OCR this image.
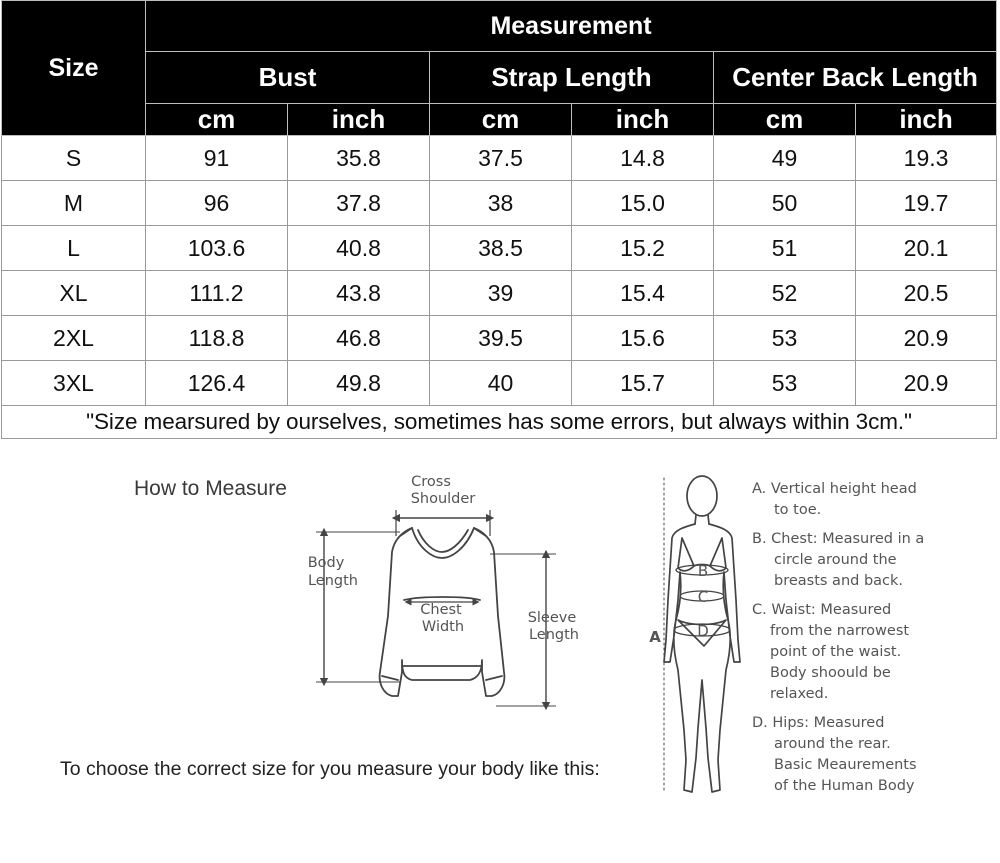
Size	Measurement					
	Bust		Strap Length		Center Back Length	
	cm	inch	cm	inch	cm	inch
S	91	35.8	37.5	14.8	49	19.3
M	96	37.8	38	15.0	50	19.7
L	103.6	40.8	38.5	15.2	51	20.1
XL	111.2	43.8	39	15.4	52	20.5
2XL	118.8	46.8	39.5	15.6	53	20.9
3XL	126.4	49.8	40	15.7	53	20.9
"Size mearsured by ourselves, sometimes has some errors, but always within 3cm."						
How to Measure
To choose the correct size for you measure your body like this:
Cross
Shoulder
Body
Length
Chest
Width
Sleeve
Length
B
C
D
A
A. Vertical height head
to toe.
B. Chest: Measured in a
circle around the
breasts and back.
C. Waist: Measured
from the narrowest
point of the waist.
Body shoould be
relaxed.
D. Hips: Measured
around the rear.
Basic Meaurements
of the Human Body
